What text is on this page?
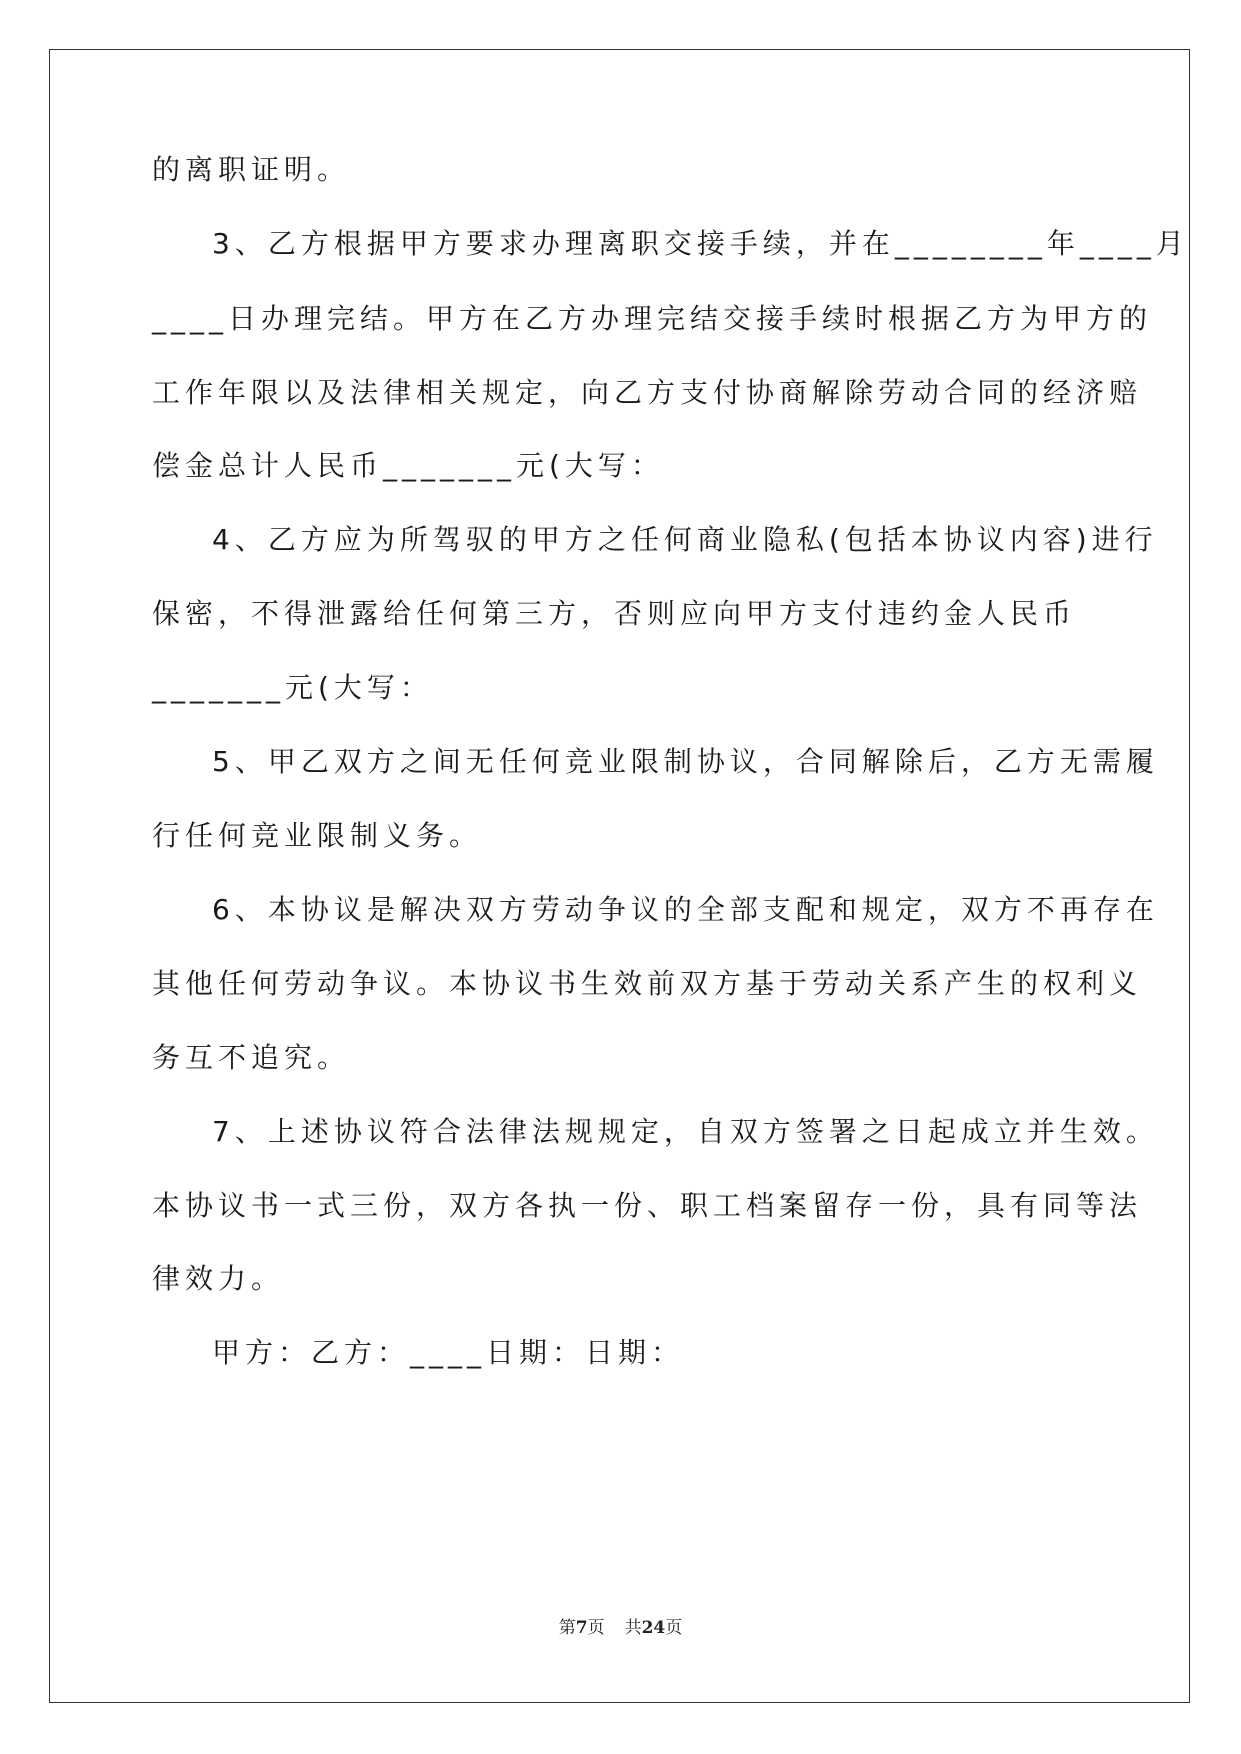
的离职证明。
3、乙方根据甲方要求办理离职交接手续，并在________年____月
____日办理完结。甲方在乙方办理完结交接手续时根据乙方为甲方的
工作年限以及法律相关规定，向乙方支付协商解除劳动合同的经济赔
偿金总计人民币_______元(大写：
4、乙方应为所驾驭的甲方之任何商业隐私(包括本协议内容)进行
保密，不得泄露给任何第三方，否则应向甲方支付违约金人民币
_______元(大写：
5、甲乙双方之间无任何竞业限制协议，合同解除后，乙方无需履
行任何竞业限制义务。
6、本协议是解决双方劳动争议的全部支配和规定，双方不再存在
其他任何劳动争议。本协议书生效前双方基于劳动关系产生的权利义
务互不追究。
7、上述协议符合法律法规规定，自双方签署之日起成立并生效。
本协议书一式三份，双方各执一份、职工档案留存一份，具有同等法
律效力。
甲方：乙方：____日期：日期：
第7页 共24页
